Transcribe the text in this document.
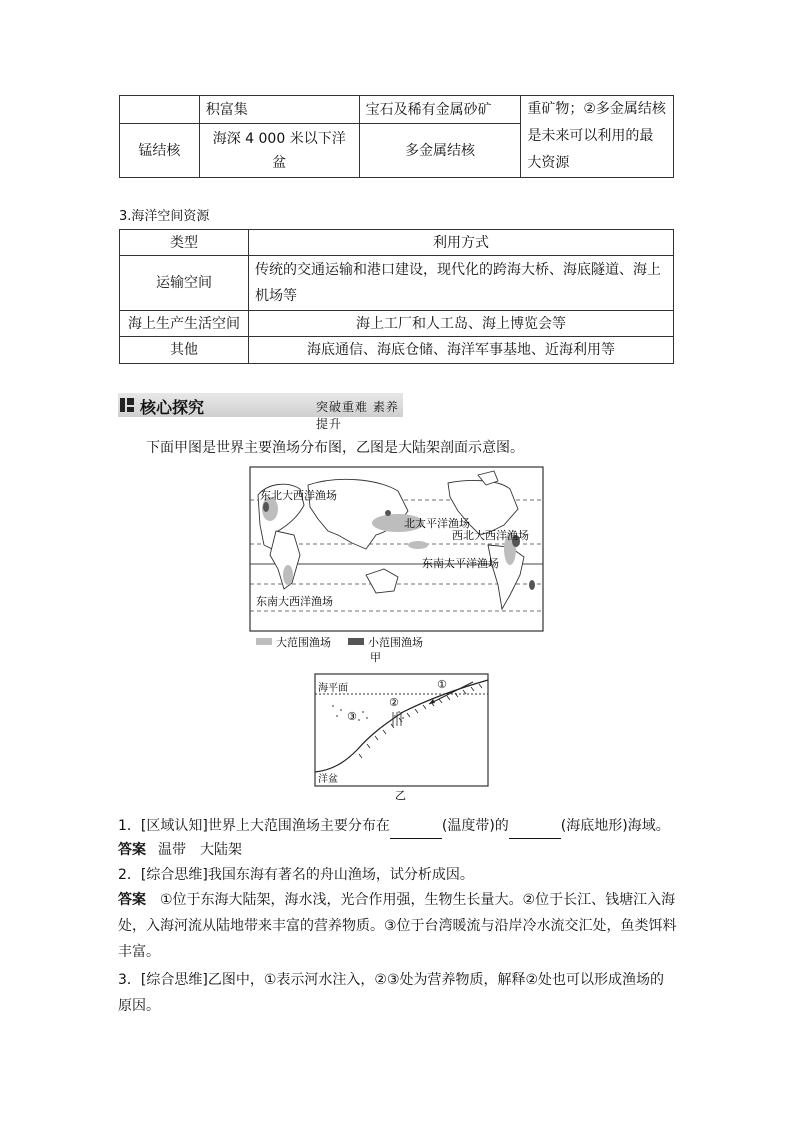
	积富集	宝石及稀有金属砂矿	重矿物；②多金属结核是未来可以利用的最大资源
锰结核	海深 4 000 米以下洋盆	多金属结核	
3.海洋空间资源
类型	利用方式
运输空间	传统的交通运输和港口建设，现代化的跨海大桥、海底隧道、海上机场等
海上生产生活空间	海上工厂和人工岛、海上博览会等
其他	海底通信、海底仓储、海洋军事基地、近海利用等
核心探究	突破重难 素养提升
下面甲图是世界主要渔场分布图，乙图是大陆架剖面示意图。
东北大西洋渔场
北太平洋渔场
西北大西洋渔场
东南太平洋渔场
东南大西洋渔场
大范围渔场	小范围渔场
甲
海平面	①
②
③
洋盆
乙
1．[区域认知]世界上大范围渔场主要分布在	(温度带)的	(海底地形)海域。
答案 温带　大陆架
2．[综合思维]我国东海有著名的舟山渔场，试分析成因。
答案 ①位于东海大陆架，海水浅，光合作用强，生物生长量大。②位于长江、钱塘江入海处，入海河流从陆地带来丰富的营养物质。③位于台湾暖流与沿岸冷水流交汇处，鱼类饵料丰富。
3．[综合思维]乙图中，①表示河水注入，②③处为营养物质，解释②处也可以形成渔场的原因。
